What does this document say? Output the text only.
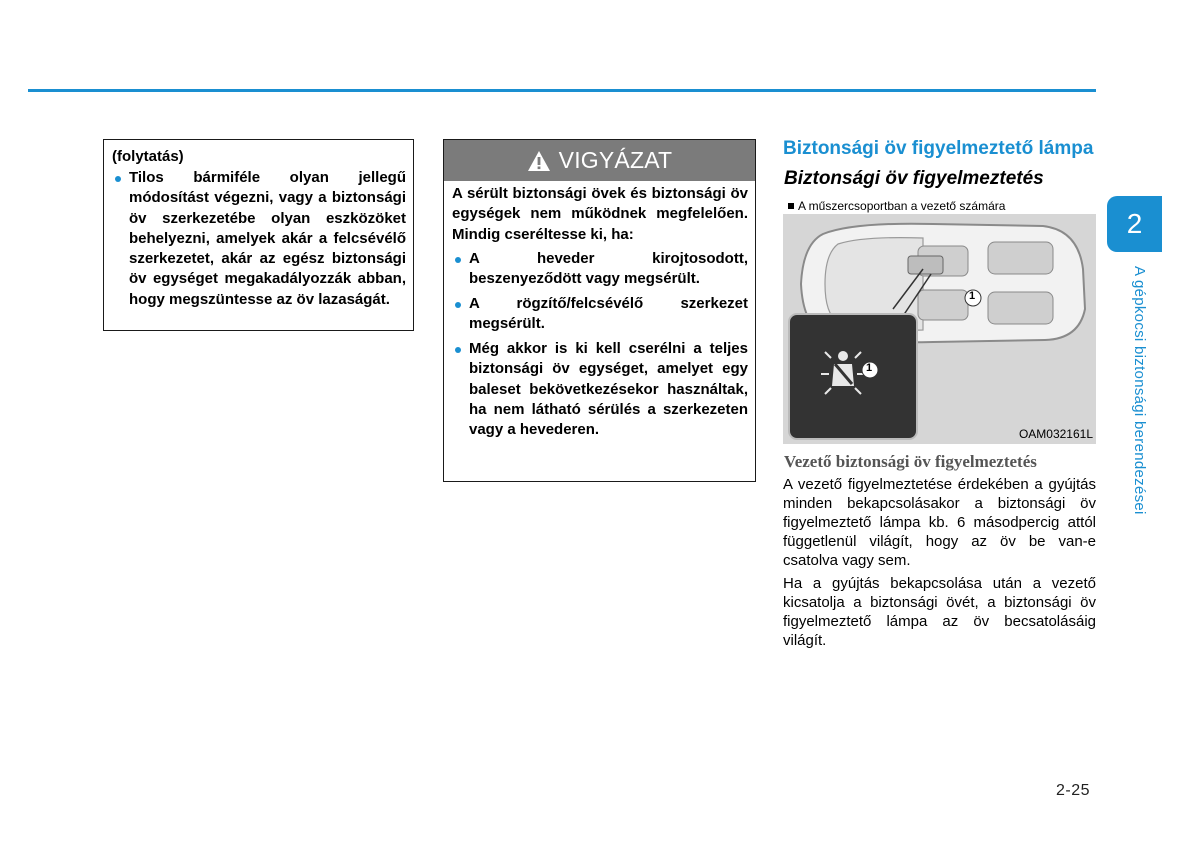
(folytatás)
Tilos bármiféle olyan jellegű módosítást végezni, vagy a biztonsági öv szerkezetébe olyan eszközöket behelyezni, amelyek akár a felcsévélő szerkezetet, akár az egész biztonsági öv egységet megakadályozzák abban, hogy megszüntesse az öv lazaságát.
VIGYÁZAT

A sérült biztonsági övek és biztonsági öv egységek nem működnek megfelelően. Mindig cseréltesse ki, ha:

A heveder kirojtosodott, beszenyeződött vagy megsérült.
A rögzítő/felcsévélő szerkezet megsérült.
Még akkor is ki kell cserélni a teljes biztonsági öv egységet, amelyet egy baleset bekövetkezésekor használtak, ha nem látható sérülés a szerkezeten vagy a hevederen.
Biztonsági öv figyelmeztető lámpa
Biztonsági öv figyelmeztetés
A műszercsoportban a vezető számára
1
1
OAM032161L
Vezető biztonsági öv figyelmeztetés

A vezető figyelmeztetése érdekében a gyújtás minden bekapcsolásakor a biztonsági öv figyelmeztető lámpa kb. 6 másodpercig attól függetlenül világít, hogy az öv be van-e csatolva vagy sem.

Ha a gyújtás bekapcsolása után a vezető kicsatolja a biztonsági övét, a biztonsági öv figyelmeztető lámpa az öv becsatolásáig világít.

2
A gépkocsi biztonsági berendezései
2-25
